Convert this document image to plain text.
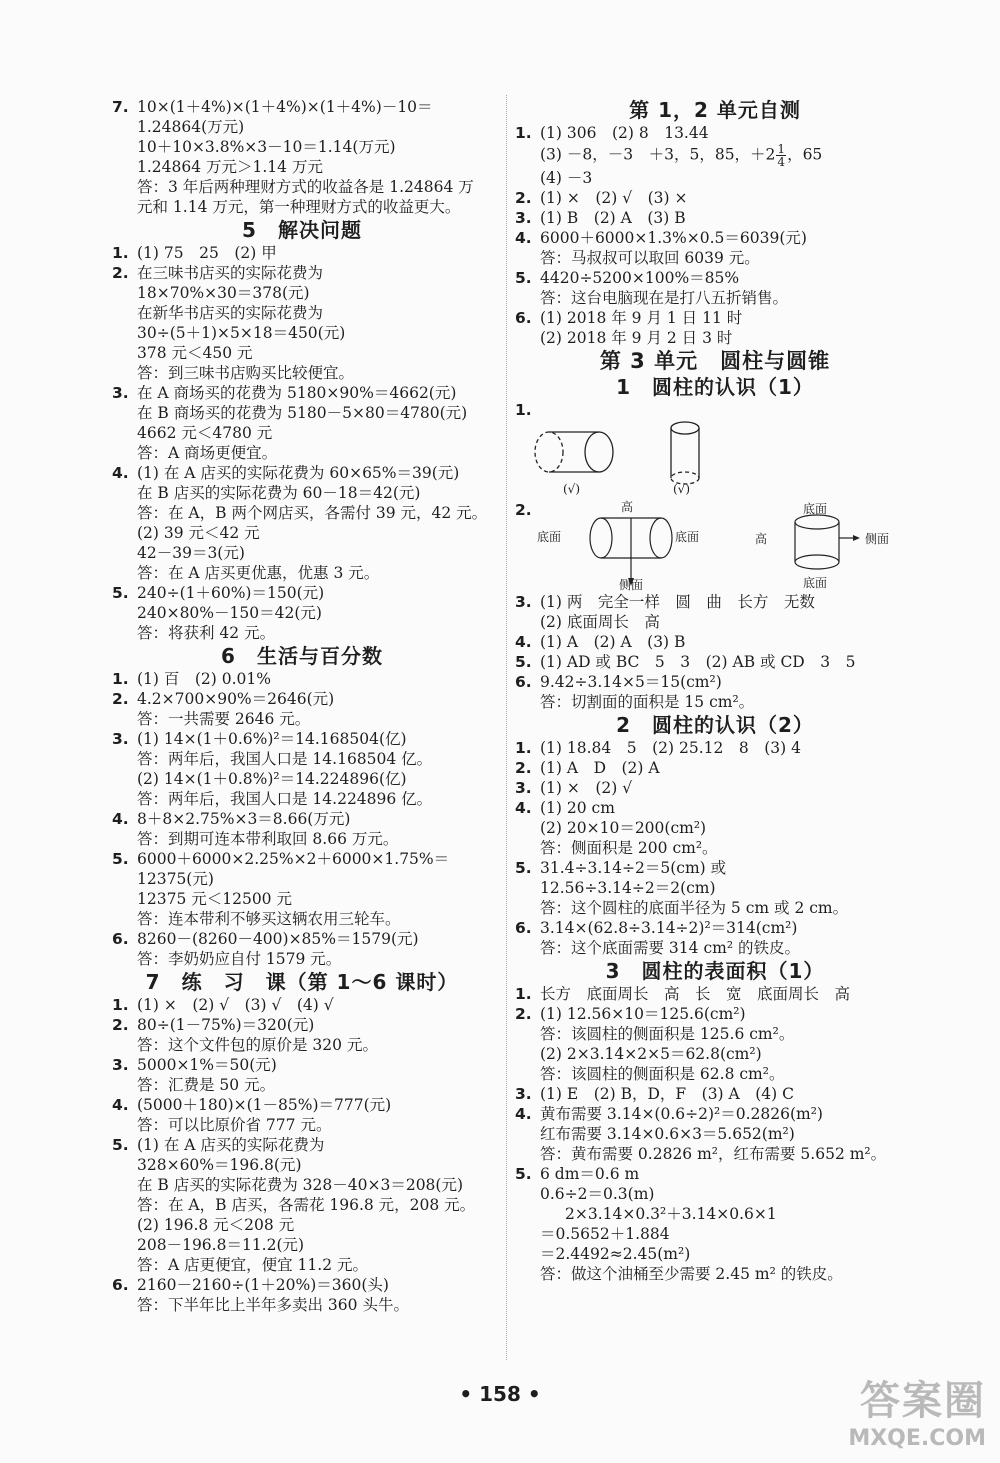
7. 10×(1＋4%)×(1＋4%)×(1＋4%)－10＝
1.24864(万元)
10＋10×3.8%×3－10＝1.14(万元)
1.24864 万元＞1.14 万元
答：3 年后两种理财方式的收益各是 1.24864 万
元和 1.14 万元，第一种理财方式的收益更大。
5　解决问题
1. (1) 75　25　(2) 甲
2. 在三味书店买的实际花费为
18×70%×30＝378(元)
在新华书店买的实际花费为
30÷(5＋1)×5×18＝450(元)
378 元＜450 元
答：到三味书店购买比较便宜。
3. 在 A 商场买的花费为 5180×90%＝4662(元)
在 B 商场买的花费为 5180－5×80＝4780(元)
4662 元＜4780 元
答：A 商场更便宜。
4. (1) 在 A 店买的实际花费为 60×65%＝39(元)
在 B 店买的实际花费为 60－18＝42(元)
答：在 A，B 两个网店买，各需付 39 元，42 元。
(2) 39 元＜42 元
42－39＝3(元)
答：在 A 店买更优惠，优惠 3 元。
5. 240÷(1＋60%)＝150(元)
240×80%－150＝42(元)
答：将获利 42 元。
6　生活与百分数
1. (1) 百　(2) 0.01%
2. 4.2×700×90%＝2646(元)
答：一共需要 2646 元。
3. (1) 14×(1＋0.6%)²＝14.168504(亿)
答：两年后，我国人口是 14.168504 亿。
(2) 14×(1＋0.8%)²＝14.224896(亿)
答：两年后，我国人口是 14.224896 亿。
4. 8＋8×2.75%×3＝8.66(万元)
答：到期可连本带利取回 8.66 万元。
5. 6000＋6000×2.25%×2＋6000×1.75%＝
12375(元)
12375 元＜12500 元
答：连本带利不够买这辆农用三轮车。
6. 8260－(8260－400)×85%＝1579(元)
答：李奶奶应自付 1579 元。
7　练　习　课（第 1～6 课时）
1. (1) ×　(2) √　(3) √　(4) √
2. 80÷(1－75%)＝320(元)
答：这个文件包的原价是 320 元。
3. 5000×1%＝50(元)
答：汇费是 50 元。
4. (5000＋180)×(1－85%)＝777(元)
答：可以比原价省 777 元。
5. (1) 在 A 店买的实际花费为
328×60%＝196.8(元)
在 B 店买的实际花费为 328－40×3＝208(元)
答：在 A，B 店买，各需花 196.8 元，208 元。
(2) 196.8 元＜208 元
208－196.8＝11.2(元)
答：A 店更便宜，便宜 11.2 元。
6. 2160－2160÷(1＋20%)＝360(头)
答：下半年比上半年多卖出 360 头牛。
第 1，2 单元自测
1. (1) 306　(2) 8　13.44
(3) －8，－3　＋3，5，85，$+2 \frac{1}{4}$ ，65
(4) －3
2. (1) ×　(2) √　(3) ×
3. (1) B　(2) A　(3) B
4. 6000＋6000×1.3%×0.5＝6039(元)
答：马叔叔可以取回 6039 元。
5. 4420÷5200×100%＝85%
答：这台电脑现在是打八五折销售。
6. (1) 2018 年 9 月 1 日 11 时
(2) 2018 年 9 月 2 日 3 时
第 3 单元　圆柱与圆锥
1　圆柱的认识（1）
1.
(√)	(√)
2.	高
底面	底面
侧面
高
底面
侧面
底面
3. (1) 两　完全一样　圆　曲　长方　无数
(2) 底面周长　高
4. (1) A　(2) A　(3) B
5. (1) AD 或 BC　5　3　(2) AB 或 CD　3　5
6. 9.42÷3.14×5＝15(cm²)
答：切割面的面积是 15 cm²。
2　圆柱的认识（2）
1. (1) 18.84　5　(2) 25.12　8　(3) 4
2. (1) A　D　(2) A
3. (1) ×　(2) √
4. (1) 20 cm
(2) 20×10＝200(cm²)
答：侧面积是 200 cm²。
5. 31.4÷3.14÷2＝5(cm) 或
12.56÷3.14÷2＝2(cm)
答：这个圆柱的底面半径为 5 cm 或 2 cm。
6. 3.14×(62.8÷3.14÷2)²＝314(cm²)
答：这个底面需要 314 cm² 的铁皮。
3　圆柱的表面积（1）
1. 长方　底面周长　高　长　宽　底面周长　高
2. (1) 12.56×10＝125.6(cm²)
答：该圆柱的侧面积是 125.6 cm²。
(2) 2×3.14×2×5＝62.8(cm²)
答：该圆柱的侧面积是 62.8 cm²。
3. (1) E　(2) B，D，F　(3) A　(4) C
4. 黄布需要 3.14×(0.6÷2)²＝0.2826(m²)
红布需要 3.14×0.6×3＝5.652(m²)
答：黄布需要 0.2826 m²，红布需要 5.652 m²。
5. 6 dm＝0.6 m
0.6÷2＝0.3(m)
2×3.14×0.3²＋3.14×0.6×1
＝0.5652＋1.884
＝2.4492≈2.45(m²)
答：做这个油桶至少需要 2.45 m² 的铁皮。
• 158 •	答案圈
MXQE.COM
